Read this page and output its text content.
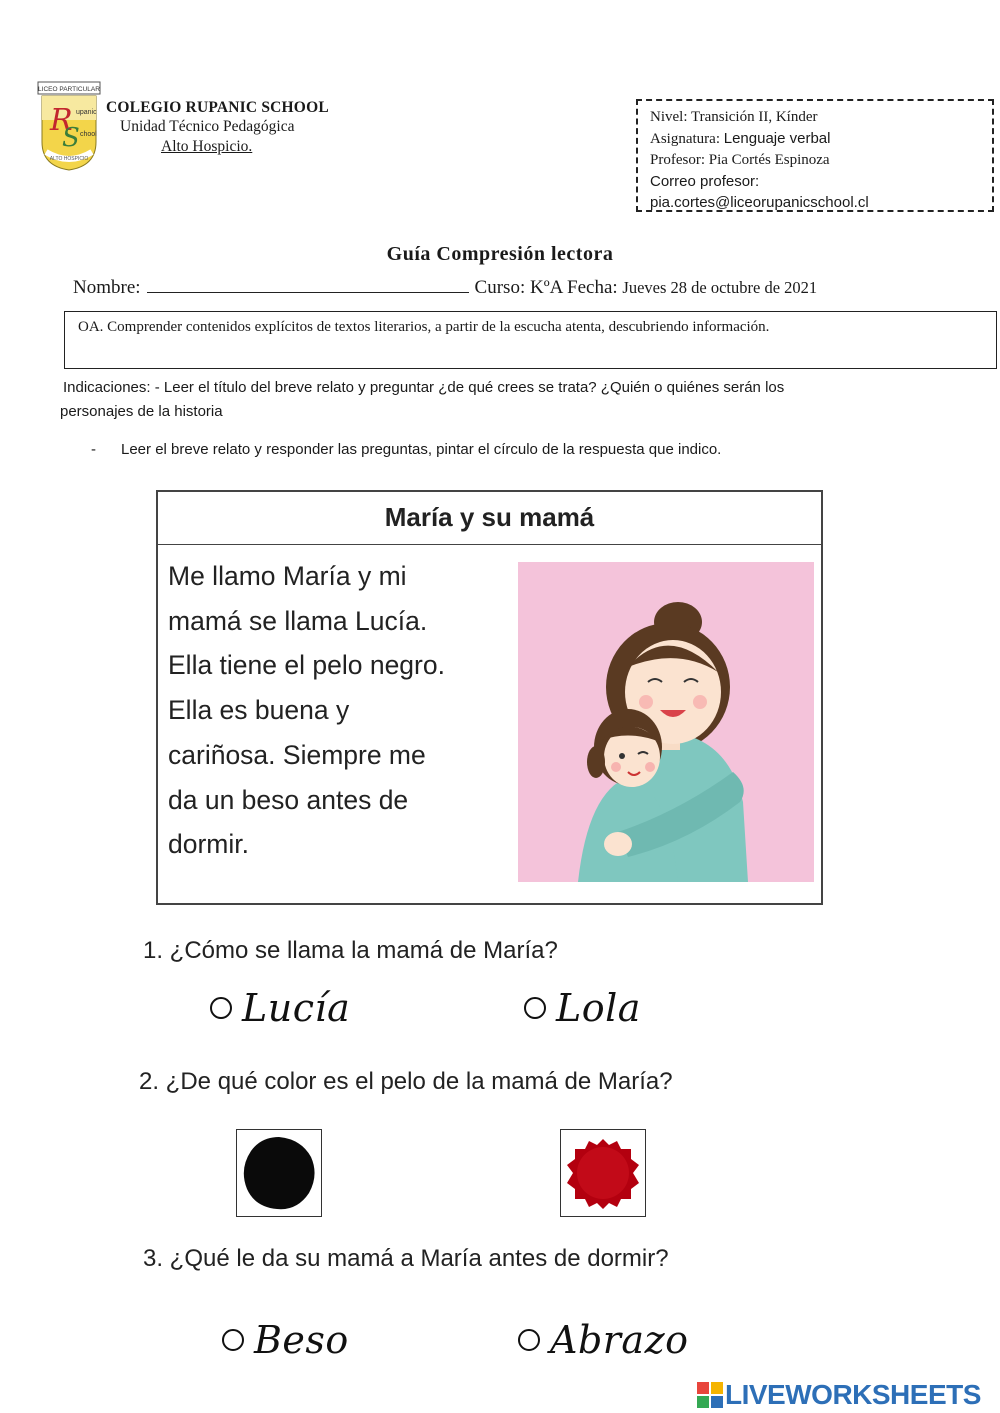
LICEO PARTICULAR
R
S
upanic
chool
ALTO HOSPICIO
COLEGIO RUPANIC SCHOOL
Unidad Técnico Pedagógica
Alto Hospicio.
Nivel: Transición II, Kínder
Asignatura: Lenguaje verbal
Profesor: Pia Cortés Espinoza
Correo profesor:
pia.cortes@liceorupanicschool.cl
Guía Compresión lectora
Nombre:	Curso: KºA Fecha: Jueves 28 de octubre de 2021
OA. Comprender contenidos explícitos de textos literarios, a partir de la escucha atenta, descubriendo información.
Indicaciones: - Leer el título del breve relato y preguntar ¿de qué crees se trata? ¿Quién o quiénes serán los
personajes de la historia
- Leer el breve relato y responder las preguntas, pintar el círculo de la respuesta que indico.
María y su mamá
Me llamo María y mi
mamá se llama Lucía.
Ella tiene el pelo negro.
Ella es buena y
cariñosa. Siempre me
da un beso antes de
dormir.
1. ¿Cómo se llama la mamá de María?
Lucía	Lola
2. ¿De qué color es el pelo de la mamá de María?
3. ¿Qué le da su mamá a María antes de dormir?
Beso	Abrazo
LIVEWORKSHEETS
